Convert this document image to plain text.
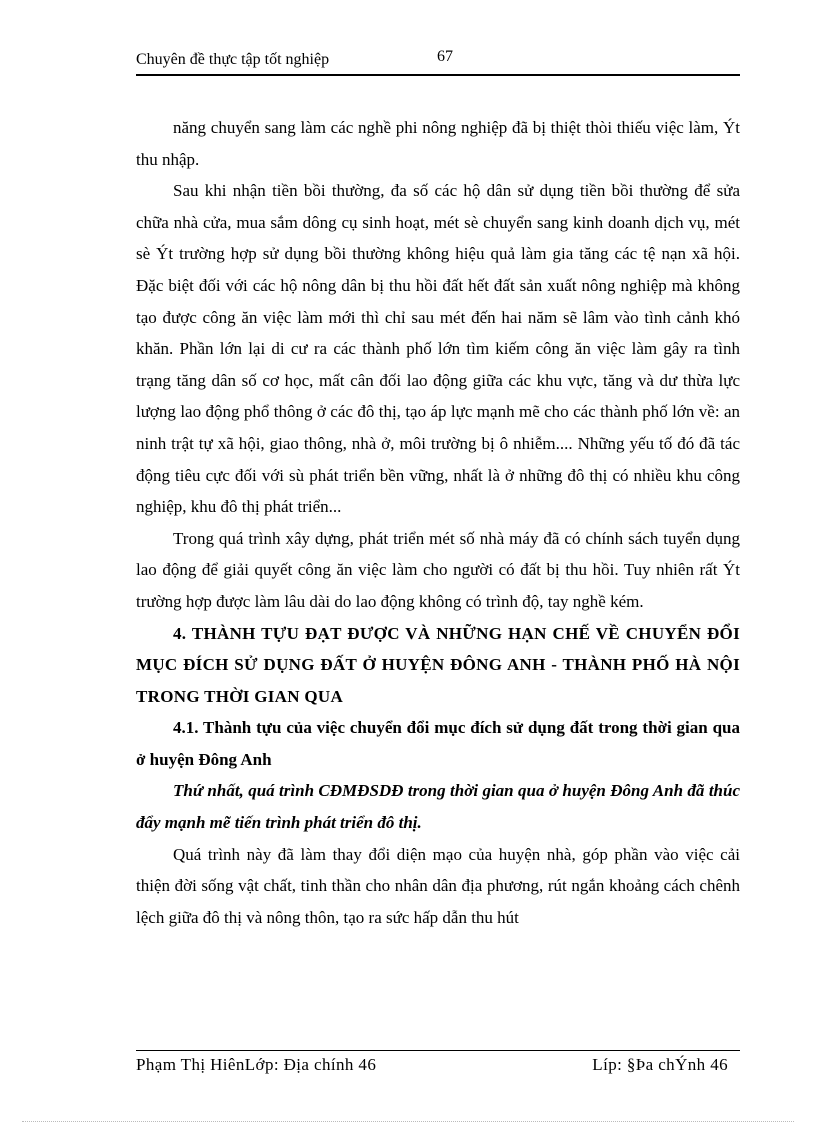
Chuyên đề thực tập tốt nghiệp	67

năng chuyển sang làm các nghề phi nông nghiệp đã bị thiệt thòi thiếu việc làm, Ýt thu nhập.

Sau khi nhận tiền bồi thường, đa số các hộ dân sử dụng tiền bồi thường để sửa chữa nhà cửa, mua sắm dông cụ sinh hoạt, mét sè chuyển sang kinh doanh dịch vụ, mét sè Ýt trường hợp sử dụng bồi thường không hiệu quả làm gia tăng các tệ nạn xã hội. Đặc biệt đối với các hộ nông dân bị thu hồi đất hết đất sản xuất nông nghiệp mà không tạo được công ăn việc làm mới thì chỉ sau mét đến hai năm sẽ lâm vào tình cảnh khó khăn. Phần lớn lại di cư ra các thành phố lớn tìm kiếm công ăn việc làm gây ra tình trạng tăng dân số cơ học, mất cân đối lao động giữa các khu vực, tăng và dư thừa lực lượng lao động phổ thông ở các đô thị, tạo áp lực mạnh mẽ cho các thành phố lớn về: an ninh trật tự xã hội, giao thông, nhà ở, môi trường bị ô nhiễm.... Những yếu tố đó đã tác động tiêu cực đối với sù phát triển bền vững, nhất là ở những đô thị có nhiều khu công nghiệp, khu đô thị phát triển...

Trong quá trình xây dựng, phát triển mét số nhà máy đã có chính sách tuyển dụng lao động để giải quyết công ăn việc làm cho người có đất bị thu hồi. Tuy nhiên rất Ýt trường hợp được làm lâu dài do lao động không có trình độ, tay nghề kém.

4. THÀNH TỰU ĐẠT ĐƯỢC VÀ NHỮNG HẠN CHẾ VỀ CHUYỂN ĐỔI MỤC ĐÍCH SỬ DỤNG ĐẤT Ở HUYỆN ĐÔNG ANH - THÀNH PHỐ HÀ NỘI TRONG THỜI GIAN QUA

4.1. Thành tựu của việc chuyển đổi mục đích sử dụng đất trong thời gian qua ở huyện Đông Anh

Thứ nhất, quá trình CĐMĐSDĐ trong thời gian qua ở huyện Đông Anh đã thúc đẩy mạnh mẽ tiến trình phát triển đô thị.

Quá trình này đã làm thay đổi diện mạo của huyện nhà, góp phần vào việc cải thiện đời sống vật chất, tinh thần cho nhân dân địa phương, rút ngắn khoảng cách chênh lệch giữa đô thị và nông thôn, tạo ra sức hấp dẫn thu hút

Phạm Thị HiênLớp: Địa chính 46	Líp: §Þa chÝnh 46
